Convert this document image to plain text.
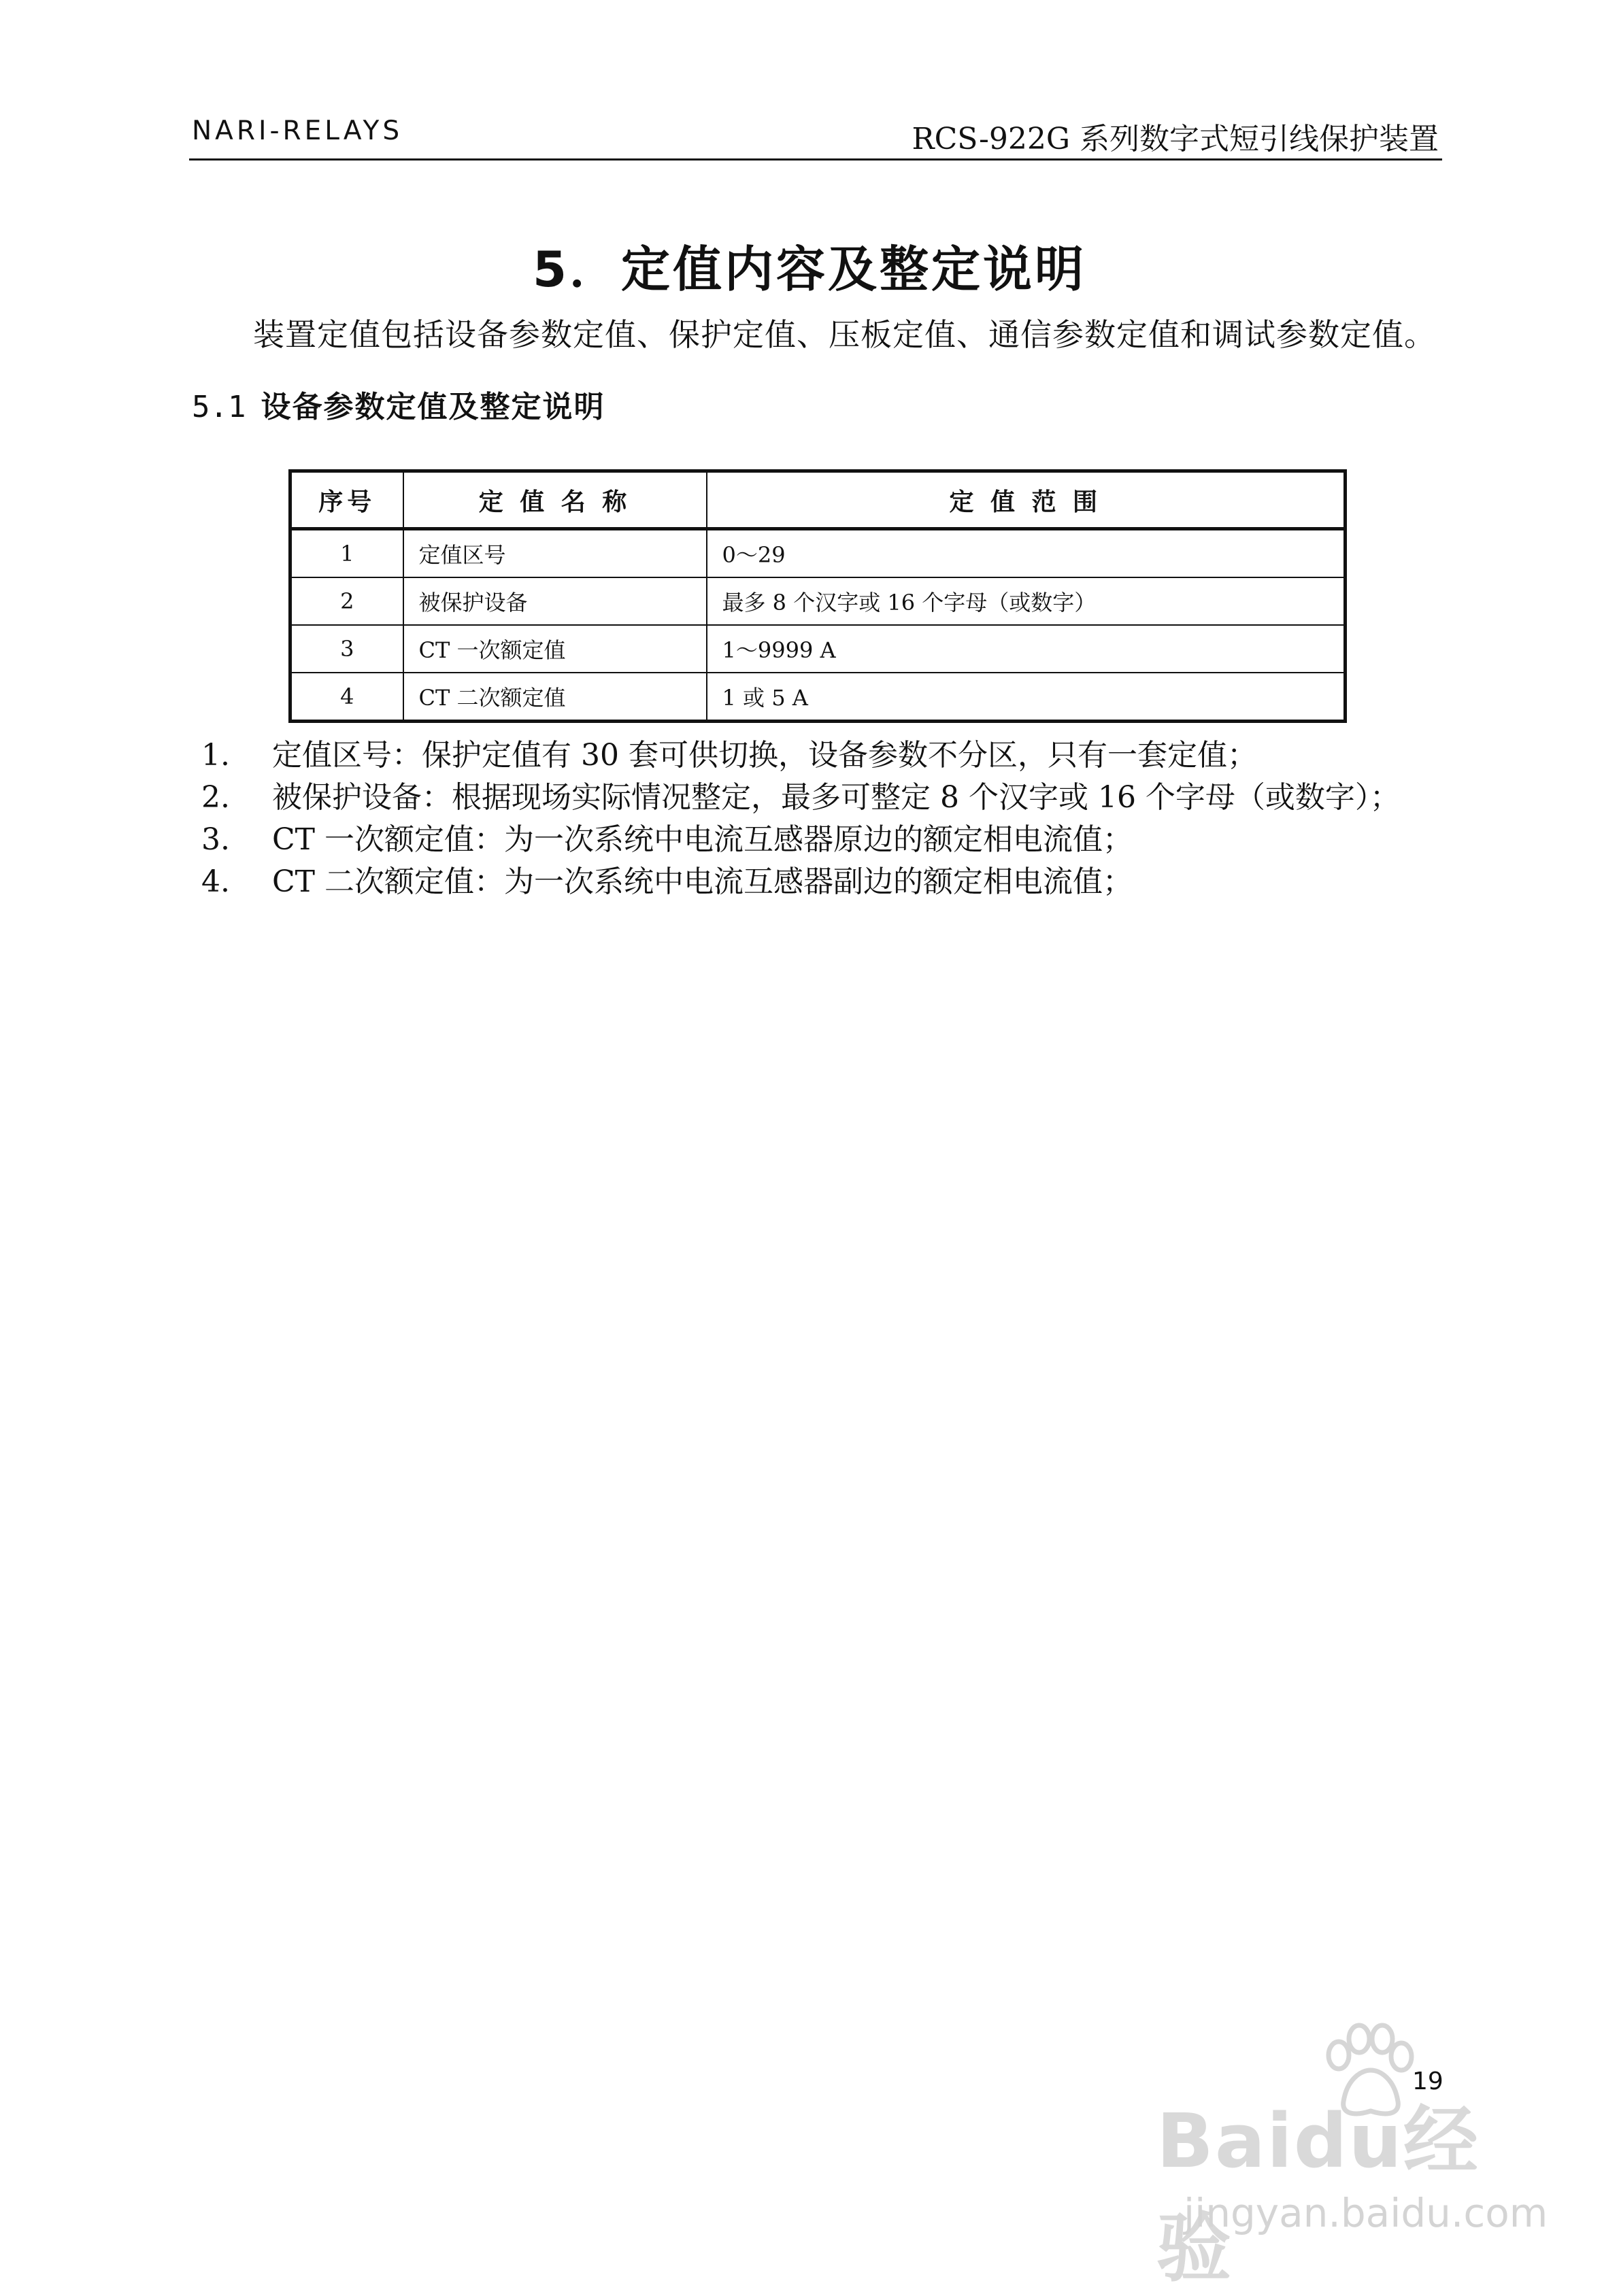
NARI-RELAYS	RCS-922G 系列数字式短引线保护装置
5．定值内容及整定说明
装置定值包括设备参数定值、保护定值、压板定值、通信参数定值和调试参数定值。
5.1 设备参数定值及整定说明
序号	定 值 名 称	定 值 范 围
1	定值区号	0～29
2	被保护设备	最多 8 个汉字或 16 个字母（或数字）
3	CT 一次额定值	1～9999 A
4	CT 二次额定值	1 或 5 A
1.	定值区号：保护定值有 30 套可供切换，设备参数不分区，只有一套定值；
2.	被保护设备：根据现场实际情况整定，最多可整定 8 个汉字或 16 个字母（或数字）；
3.	CT 一次额定值：为一次系统中电流互感器原边的额定相电流值；
4.	CT 二次额定值：为一次系统中电流互感器副边的额定相电流值；
Baidu经验
jingyan.baidu.com
19
